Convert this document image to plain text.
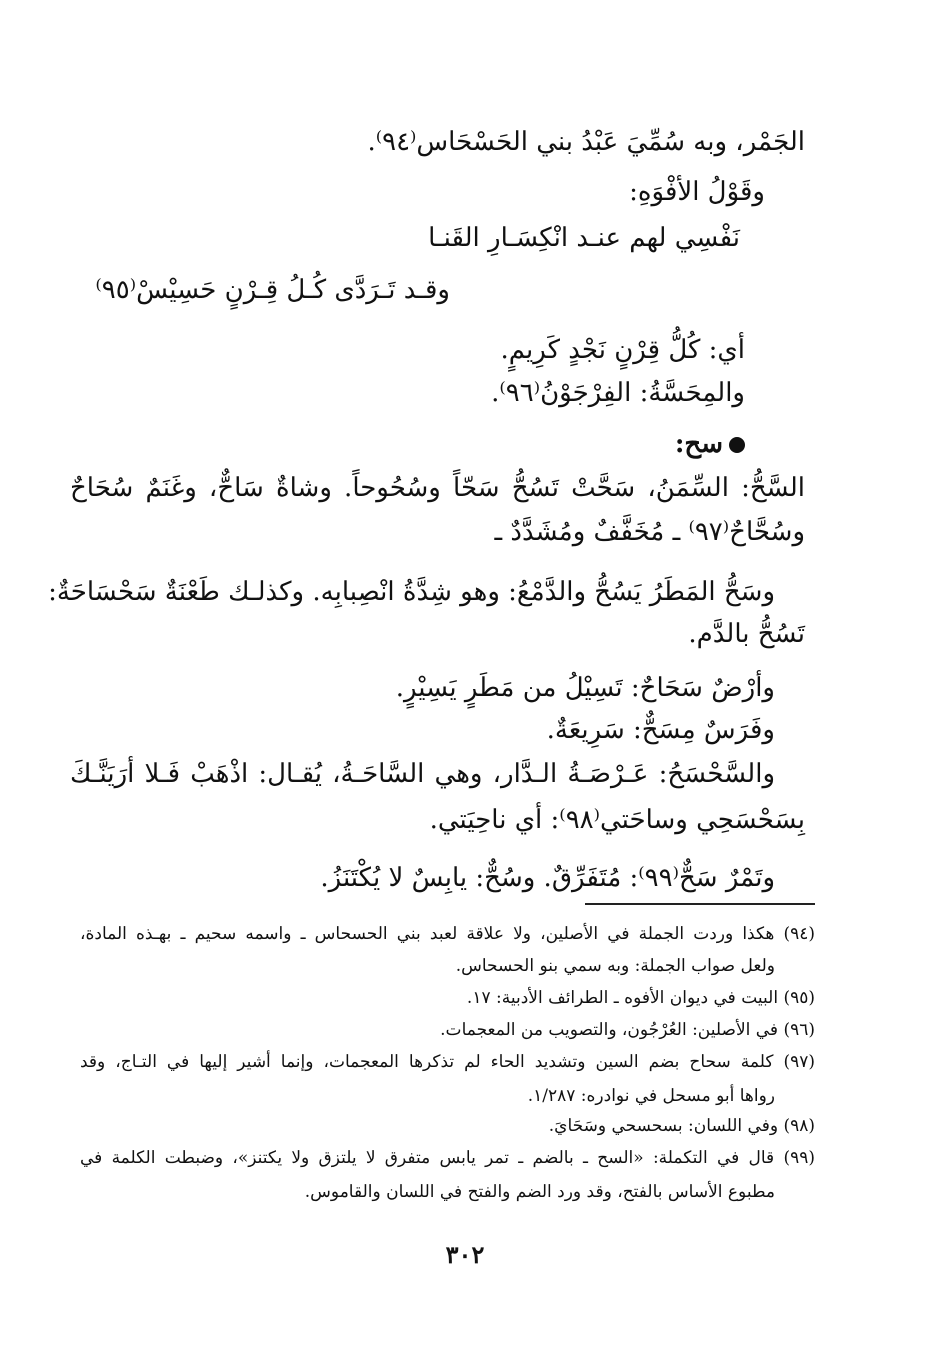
الجَمْر، وبه سُمِّيَ عَبْدُ بني الحَسْحَاس⁽٩٤⁾.
وقَوْلُ الأفْوَهِ:
نَفْسِي لهم عنـد انْكِسَـارِ القَنـا
وقـد تَـرَدَّى كُـلُ قِـرْنٍ حَسِيْسْ⁽٩٥⁾
أي: كُلُّ قِرْنٍ نَجْدٍ كَرِيمٍ.
والمِحَسَّةُ: الفِرْجَوْنُ⁽٩٦⁾.
سح:
السَّحُّ: السِّمَنُ، سَحَّتْ تَسُحُّ سَحّاً وسُحُوحاً. وشاةٌ سَاحٌّ، وغَنَمٌ سُحَاحٌ
وسُحَّاحٌ⁽٩٧⁾ ـ مُخَفَّفٌ ومُشَدَّدٌ ـ
وسَحُّ المَطَرُ يَسُحُّ والدَّمْعُ: وهو شِدَّةُ انْصِبابِه. وكذلـك طَعْنَةٌ سَحْسَاحَةٌ:
تَسُحُّ بالدَّم.
وأرْضٌ سَحَاحٌ: تَسِيْلُ من مَطَرٍ يَسِيْرٍ.
وفَرَسٌ مِسَحٌّ: سَرِيعَةٌ.
والسَّحْسَحُ: عَـرْصَـةُ الـدَّار، وهي السَّاحَـةُ، يُقـال: اذْهَبْ فَـلا أرَيَنَّـكَ
بِسَحْسَحِي وساحَتي⁽٩٨⁾: أي ناحِيَتي.
وتَمْرٌ سَحٌّ⁽٩٩⁾: مُتَفَرِّقٌ. وسُحٌّ: يابِسٌ لا يُكْتَنَزُ.
(٩٤) هكذا وردت الجملة في الأصلين، ولا علاقة لعبد بني الحسحاس ـ واسمه سحيم ـ بهـذه المادة،
ولعل صواب الجملة: وبه سمي بنو الحسحاس.
(٩٥) البيت في ديوان الأفوه ـ الطرائف الأدبية: ١٧.
(٩٦) في الأصلين: العُرْجُون، والتصويب من المعجمات.
(٩٧) كلمة سحاح بضم السين وتشديد الحاء لم تذكرها المعجمات، وإنما أشير إليها في التـاج، وقد
رواها أبو مسحل في نوادره: ١/٢٨٧.
(٩٨) وفي اللسان: بسحسحي وسَحَايَ.
(٩٩) قال في التكملة: «السح ـ بالضم ـ تمر يابس متفرق لا يلتزق ولا يكتنز»، وضبطت الكلمة في
مطبوع الأساس بالفتح، وقد ورد الضم والفتح في اللسان والقاموس.
٣٠٢
